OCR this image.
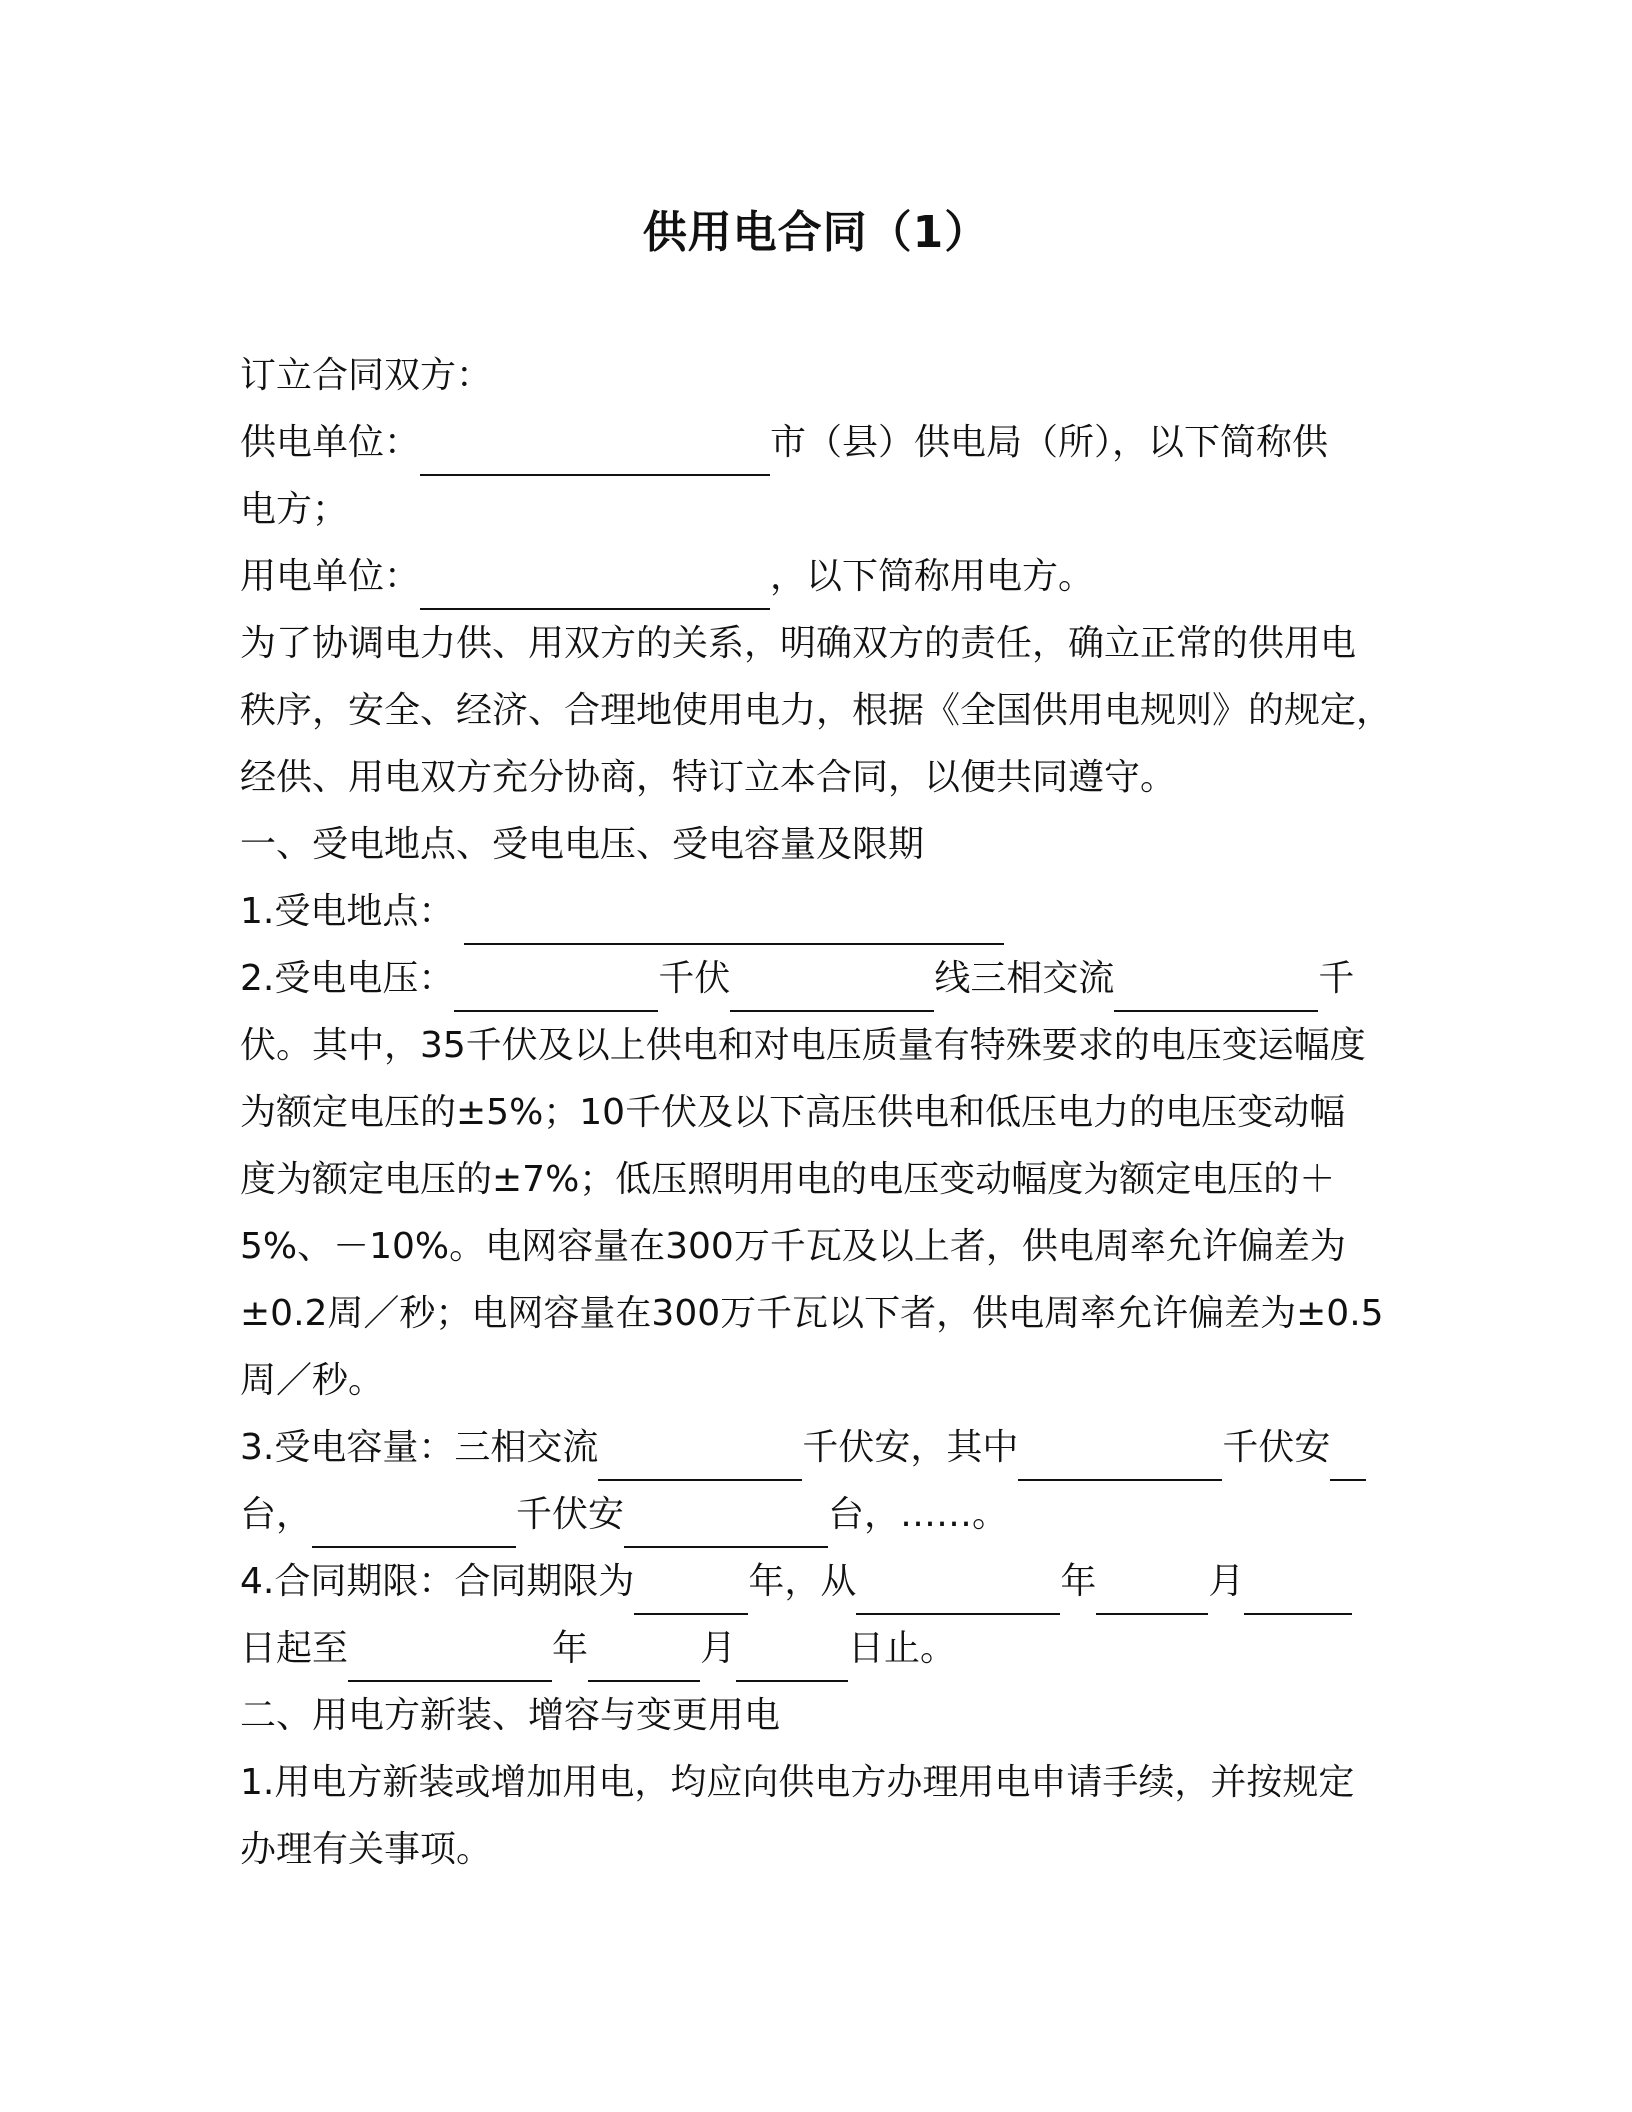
供用电合同（1）
订立合同双方：
供电单位：	市（县）供电局（所），以下简称供
电方；
用电单位：	，以下简称用电方。
为了协调电力供、用双方的关系，明确双方的责任，确立正常的供用电
秩序，安全、经济、合理地使用电力，根据《全国供用电规则》的规定，
经供、用电双方充分协商，特订立本合同，以便共同遵守。
一、受电地点、受电电压、受电容量及限期
1.受电地点：
2.受电电压：	千伏	线三相交流	千
伏。其中，35千伏及以上供电和对电压质量有特殊要求的电压变运幅度
为额定电压的±5%；10千伏及以下高压供电和低压电力的电压变动幅
度为额定电压的±7%；低压照明用电的电压变动幅度为额定电压的＋
5%、－10%。电网容量在300万千瓦及以上者，供电周率允许偏差为
±0.2周／秒；电网容量在300万千瓦以下者，供电周率允许偏差为±0.5
周／秒。
3.受电容量：三相交流	千伏安，其中	千伏安
台，	千伏安	台，……。
4.合同期限：合同期限为	年，从	年	月
日起至	年	月	日止。
二、用电方新装、增容与变更用电
1.用电方新装或增加用电，均应向供电方办理用电申请手续，并按规定
办理有关事项。
